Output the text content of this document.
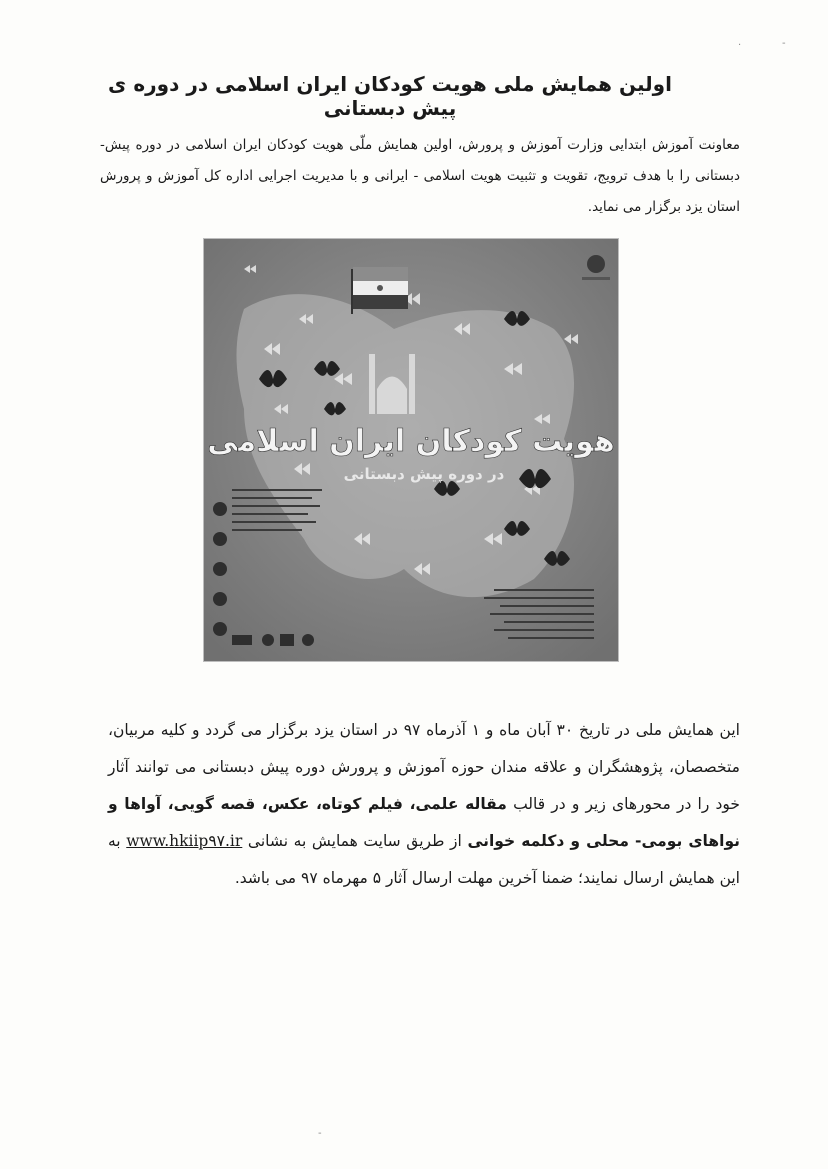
·	-
اولین همایش ملی هویت کودکان ایران اسلامی در دوره ی پیش دبستانی
معاونت آموزش ابتدایی وزارت آموزش و پرورش، اولین همایش ملّی هویت کودکان ایران اسلامی در دوره پیش-دبستانی را با هدف ترویج، تقویت و تثبیت هویت اسلامی - ایرانی و با مدیریت اجرایی اداره کل آموزش و پرورش استان یزد برگزار می نماید.
هویت کودکان ایران اسلامی
در دوره پیش دبستانی
این همایش ملی در تاریخ ۳۰ آبان ماه و ۱ آذرماه ۹۷ در استان یزد برگزار می گردد و کلیه مربیان، متخصصان، پژوهشگران و علاقه مندان حوزه آموزش و پرورش دوره پیش دبستانی می توانند آثار خود را در محورهای زیر و در قالب مقاله علمی، فیلم کوتاه، عکس، قصه گویی، آواها و نواهای بومی- محلی و دکلمه خوانی از طریق سایت همایش به نشانی www.hkiip۹۷.ir به این همایش ارسال نمایند؛ ضمنا آخرین مهلت ارسال آثار ۵ مهرماه ۹۷ می باشد.
-
